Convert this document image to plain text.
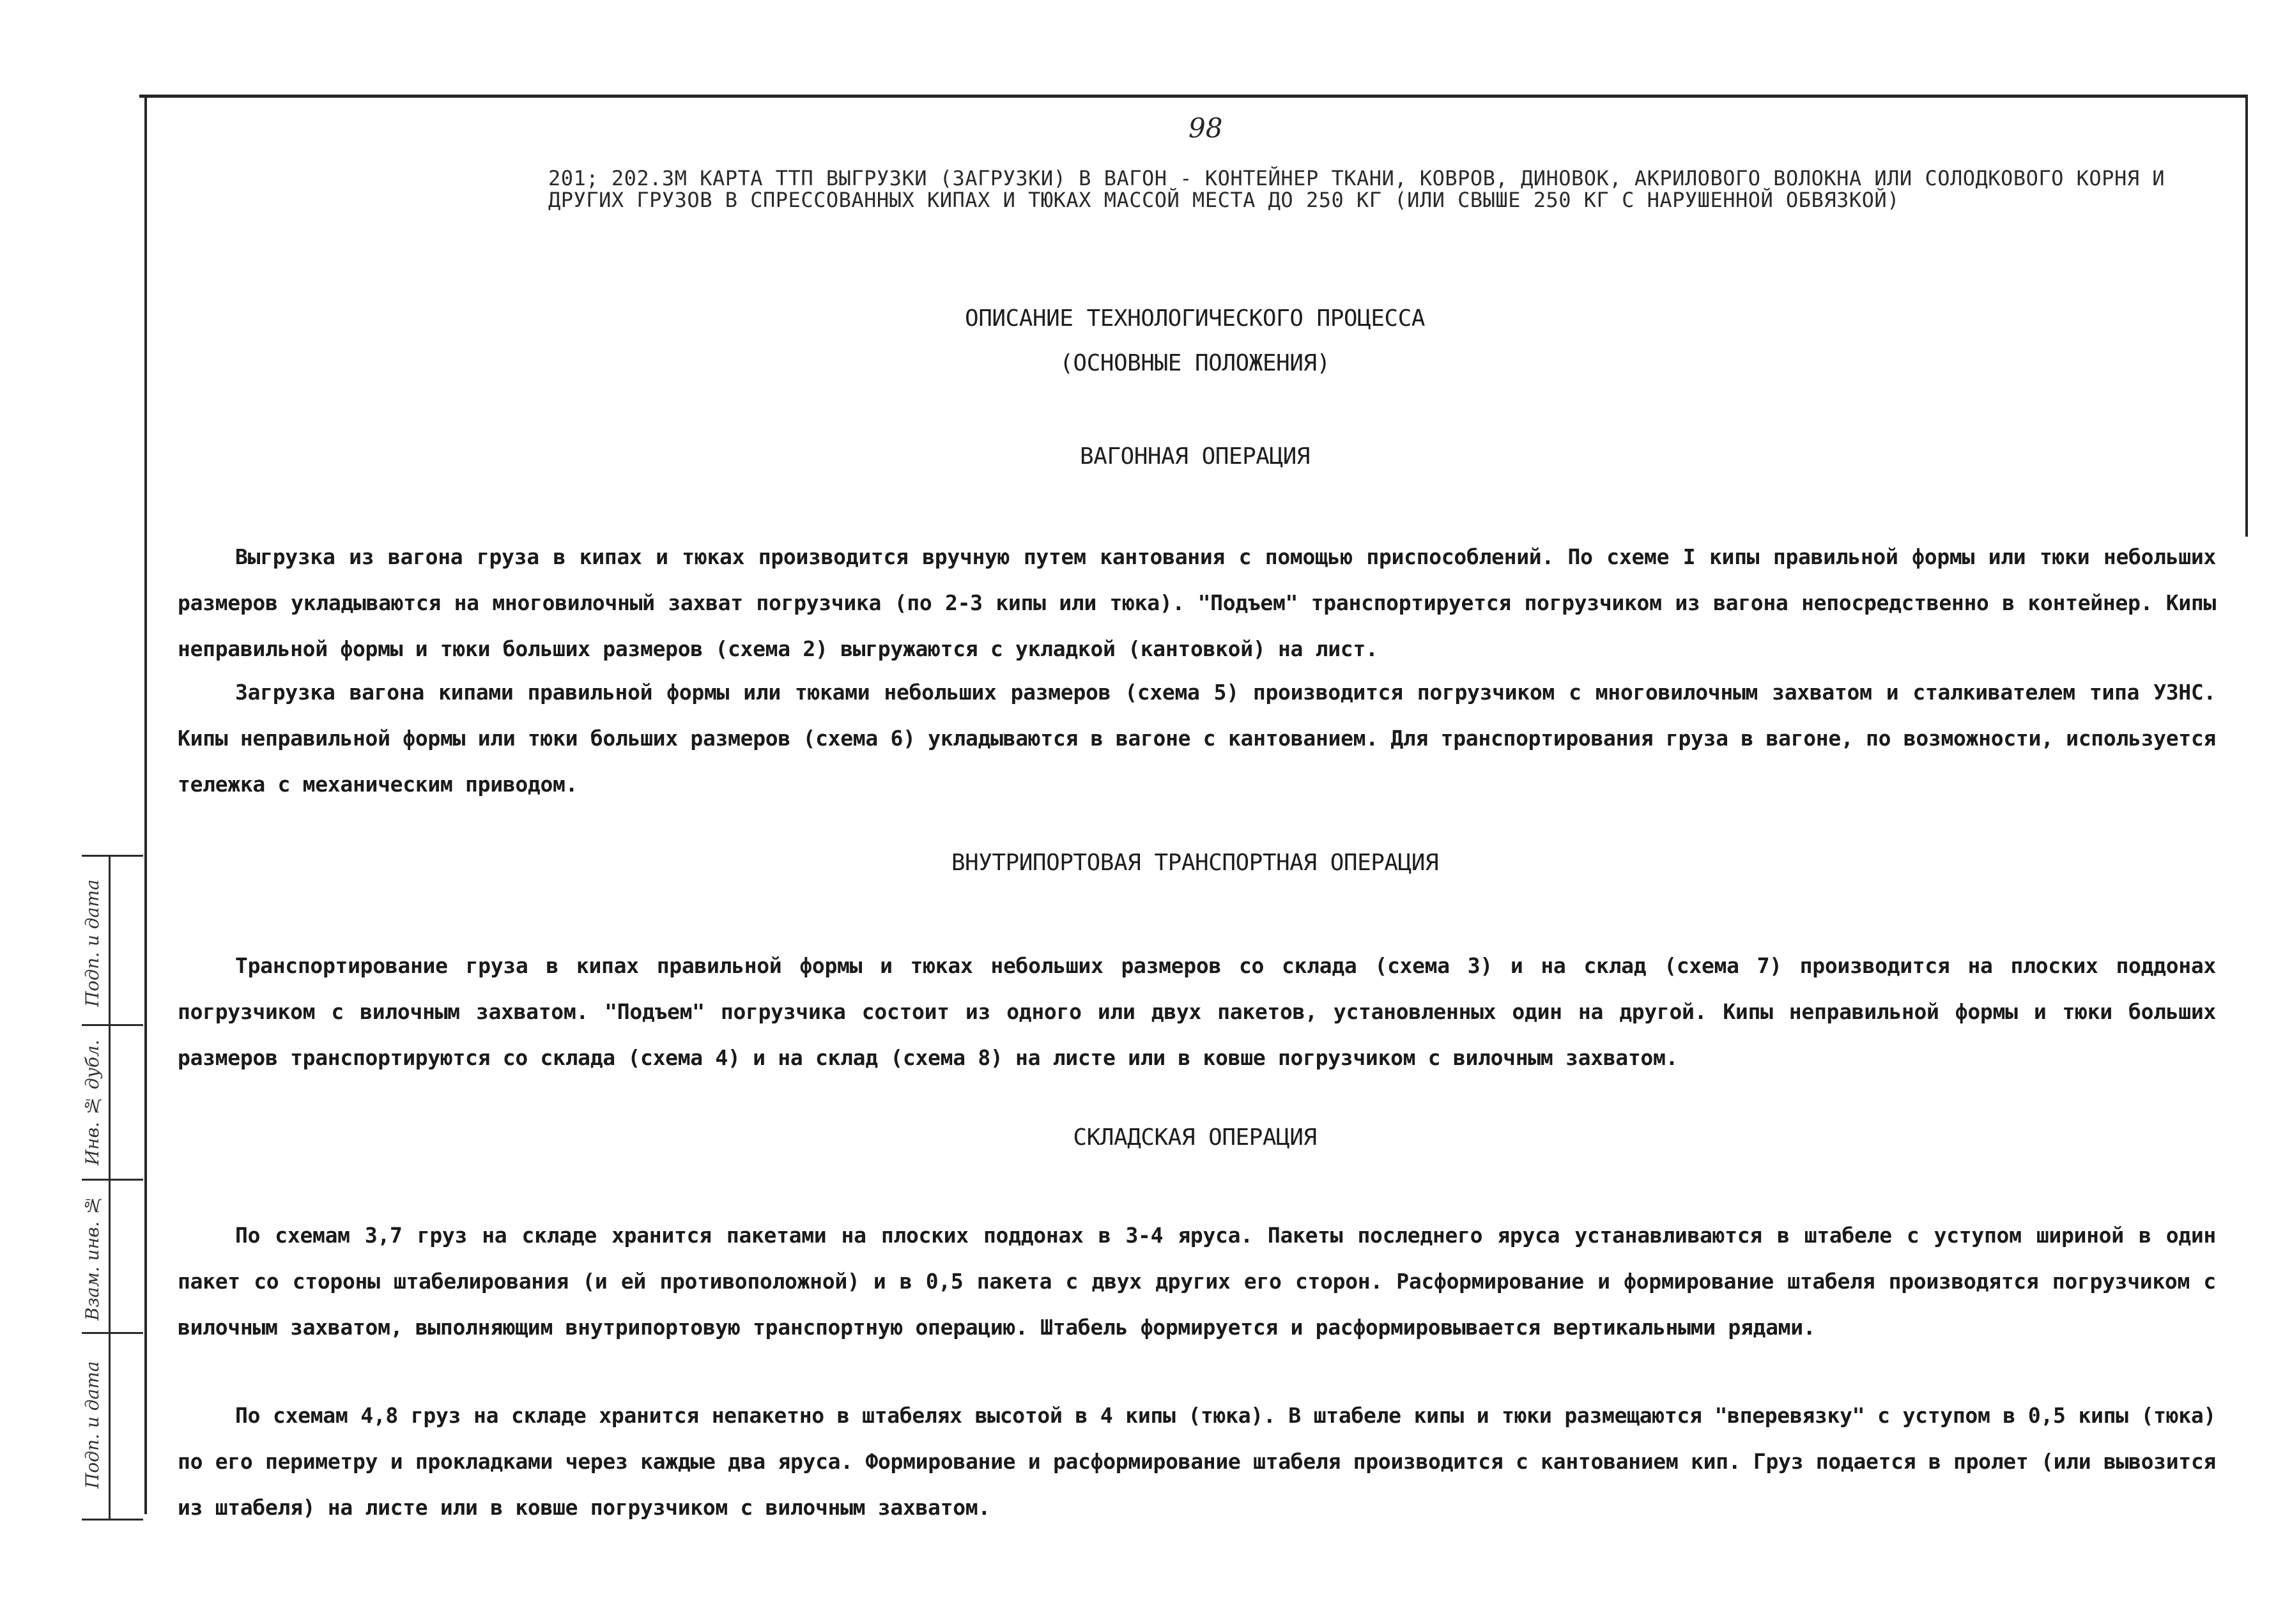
98
201; 202.3М КАРТА ТТП ВЫГРУЗКИ (ЗАГРУЗКИ) В ВАГОН - КОНТЕЙНЕР ТКАНИ, КОВРОВ, ДИНОВОК, АКРИЛОВОГО ВОЛОКНА ИЛИ СОЛОДКОВОГО КОРНЯ И ДРУГИХ ГРУЗОВ В СПРЕССОВАННЫХ КИПАХ И ТЮКАХ МАССОЙ МЕСТА ДО 250 КГ (ИЛИ СВЫШЕ 250 КГ С НАРУШЕННОЙ ОБВЯЗКОЙ)
ОПИСАНИЕ ТЕХНОЛОГИЧЕСКОГО ПРОЦЕССА
(ОСНОВНЫЕ ПОЛОЖЕНИЯ)
ВАГОННАЯ ОПЕРАЦИЯ
Выгрузка из вагона груза в кипах и тюках производится вручную путем кантования с помощью приспособлений. По схеме I кипы правильной формы или тюки небольших размеров укладываются на многовилочный захват погрузчика (по 2-3 кипы или тюка). "Подъем" транспортируется погрузчиком из вагона непосредственно в контейнер. Кипы неправильной формы и тюки больших размеров (схема 2) выгружаются с укладкой (кантовкой) на лист.
Загрузка вагона кипами правильной формы или тюками небольших размеров (схема 5) производится погрузчиком с многовилочным захватом и сталкивателем типа УЗНС. Кипы неправильной формы или тюки больших размеров (схема 6) укладываются в вагоне с кантованием. Для транспортирования груза в вагоне, по возможности, используется тележка с механическим приводом.
ВНУТРИПОРТОВАЯ ТРАНСПОРТНАЯ ОПЕРАЦИЯ
Транспортирование груза в кипах правильной формы и тюках небольших размеров со склада (схема 3) и на склад (схема 7) производится на плоских поддонах погрузчиком с вилочным захватом. "Подъем" погрузчика состоит из одного или двух пакетов, установленных один на другой. Кипы неправильной формы и тюки больших размеров транспортируются со склада (схема 4) и на склад (схема 8) на листе или в ковше погрузчиком с вилочным захватом.
СКЛАДСКАЯ ОПЕРАЦИЯ
По схемам 3,7 груз на складе хранится пакетами на плоских поддонах в 3-4 яруса. Пакеты последнего яруса устанавливаются в штабеле с уступом шириной в один пакет со стороны штабелирования (и ей противоположной) и в 0,5 пакета с двух других его сторон. Расформирование и формирование штабеля производятся погрузчиком с вилочным захватом, выполняющим внутрипортовую транспортную операцию. Штабель формируется и расформировывается вертикальными рядами.
По схемам 4,8 груз на складе хранится непакетно в штабелях высотой в 4 кипы (тюка). В штабеле кипы и тюки размещаются "вперевязку" с уступом в 0,5 кипы (тюка) по его периметру и прокладками через каждые два яруса. Формирование и расформирование штабеля производится с кантованием кип. Груз подается в пролет (или вывозится из штабеля) на листе или в ковше погрузчиком с вилочным захватом.
Подп. и дата
Инв. № дубл.
Взам. инв. №
Подп. и дата
